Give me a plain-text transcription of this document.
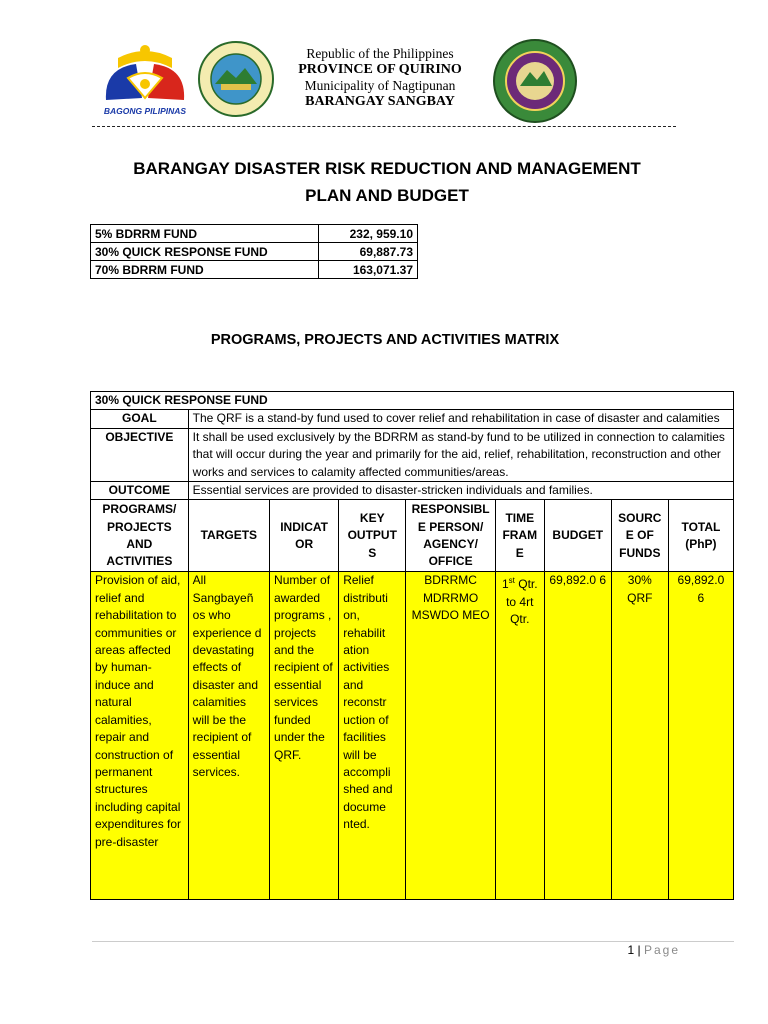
BAGONG PILIPINAS
Republic of the Philippines
PROVINCE OF QUIRINO
Municipality of Nagtipunan
BARANGAY SANGBAY
BARANGAY DISASTER RISK REDUCTION AND MANAGEMENT
PLAN AND BUDGET
5% BDRRM FUND	232, 959.10
30% QUICK RESPONSE FUND	69,887.73
70% BDRRM FUND	163,071.37
PROGRAMS, PROJECTS AND ACTIVITIES MATRIX
30% QUICK RESPONSE FUND								
GOAL	The QRF is a stand-by fund used to cover relief and rehabilitation in case of disaster and calamities							
OBJECTIVE	It shall be used exclusively by the BDRRM as stand-by fund to be utilized in connection to calamities that will occur during the year and primarily for the aid, relief, rehabilitation, reconstruction and other works and services to calamity affected communities/areas.							
OUTCOME	Essential services are provided to disaster-stricken individuals and families.							
PROGRAMS/ PROJECTS AND ACTIVITIES	TARGETS	INDICAT OR	KEY OUTPUT S	RESPONSIBL E PERSON/ AGENCY/ OFFICE	TIME FRAM E	BUDGET	SOURC E OF FUNDS	TOTAL (PhP)
Provision of aid, relief and rehabilitation to communities or areas affected by human-induce and natural calamities, repair and construction of permanent structures including capital expenditures for pre-disaster	All Sangbayeñ os who experience d devastating effects of disaster and calamities will be the recipient of essential services.	Number of awarded programs , projects and the recipient of essential services funded under the QRF.	Relief distributi on, rehabilit ation activities and reconstr uction of facilities will be accompli shed and docume nted.	BDRRMC MDRRMO MSWDO MEO	1st Qtr. to 4rt Qtr.	69,892.0 6	30% QRF	69,892.0 6
1 | Page
